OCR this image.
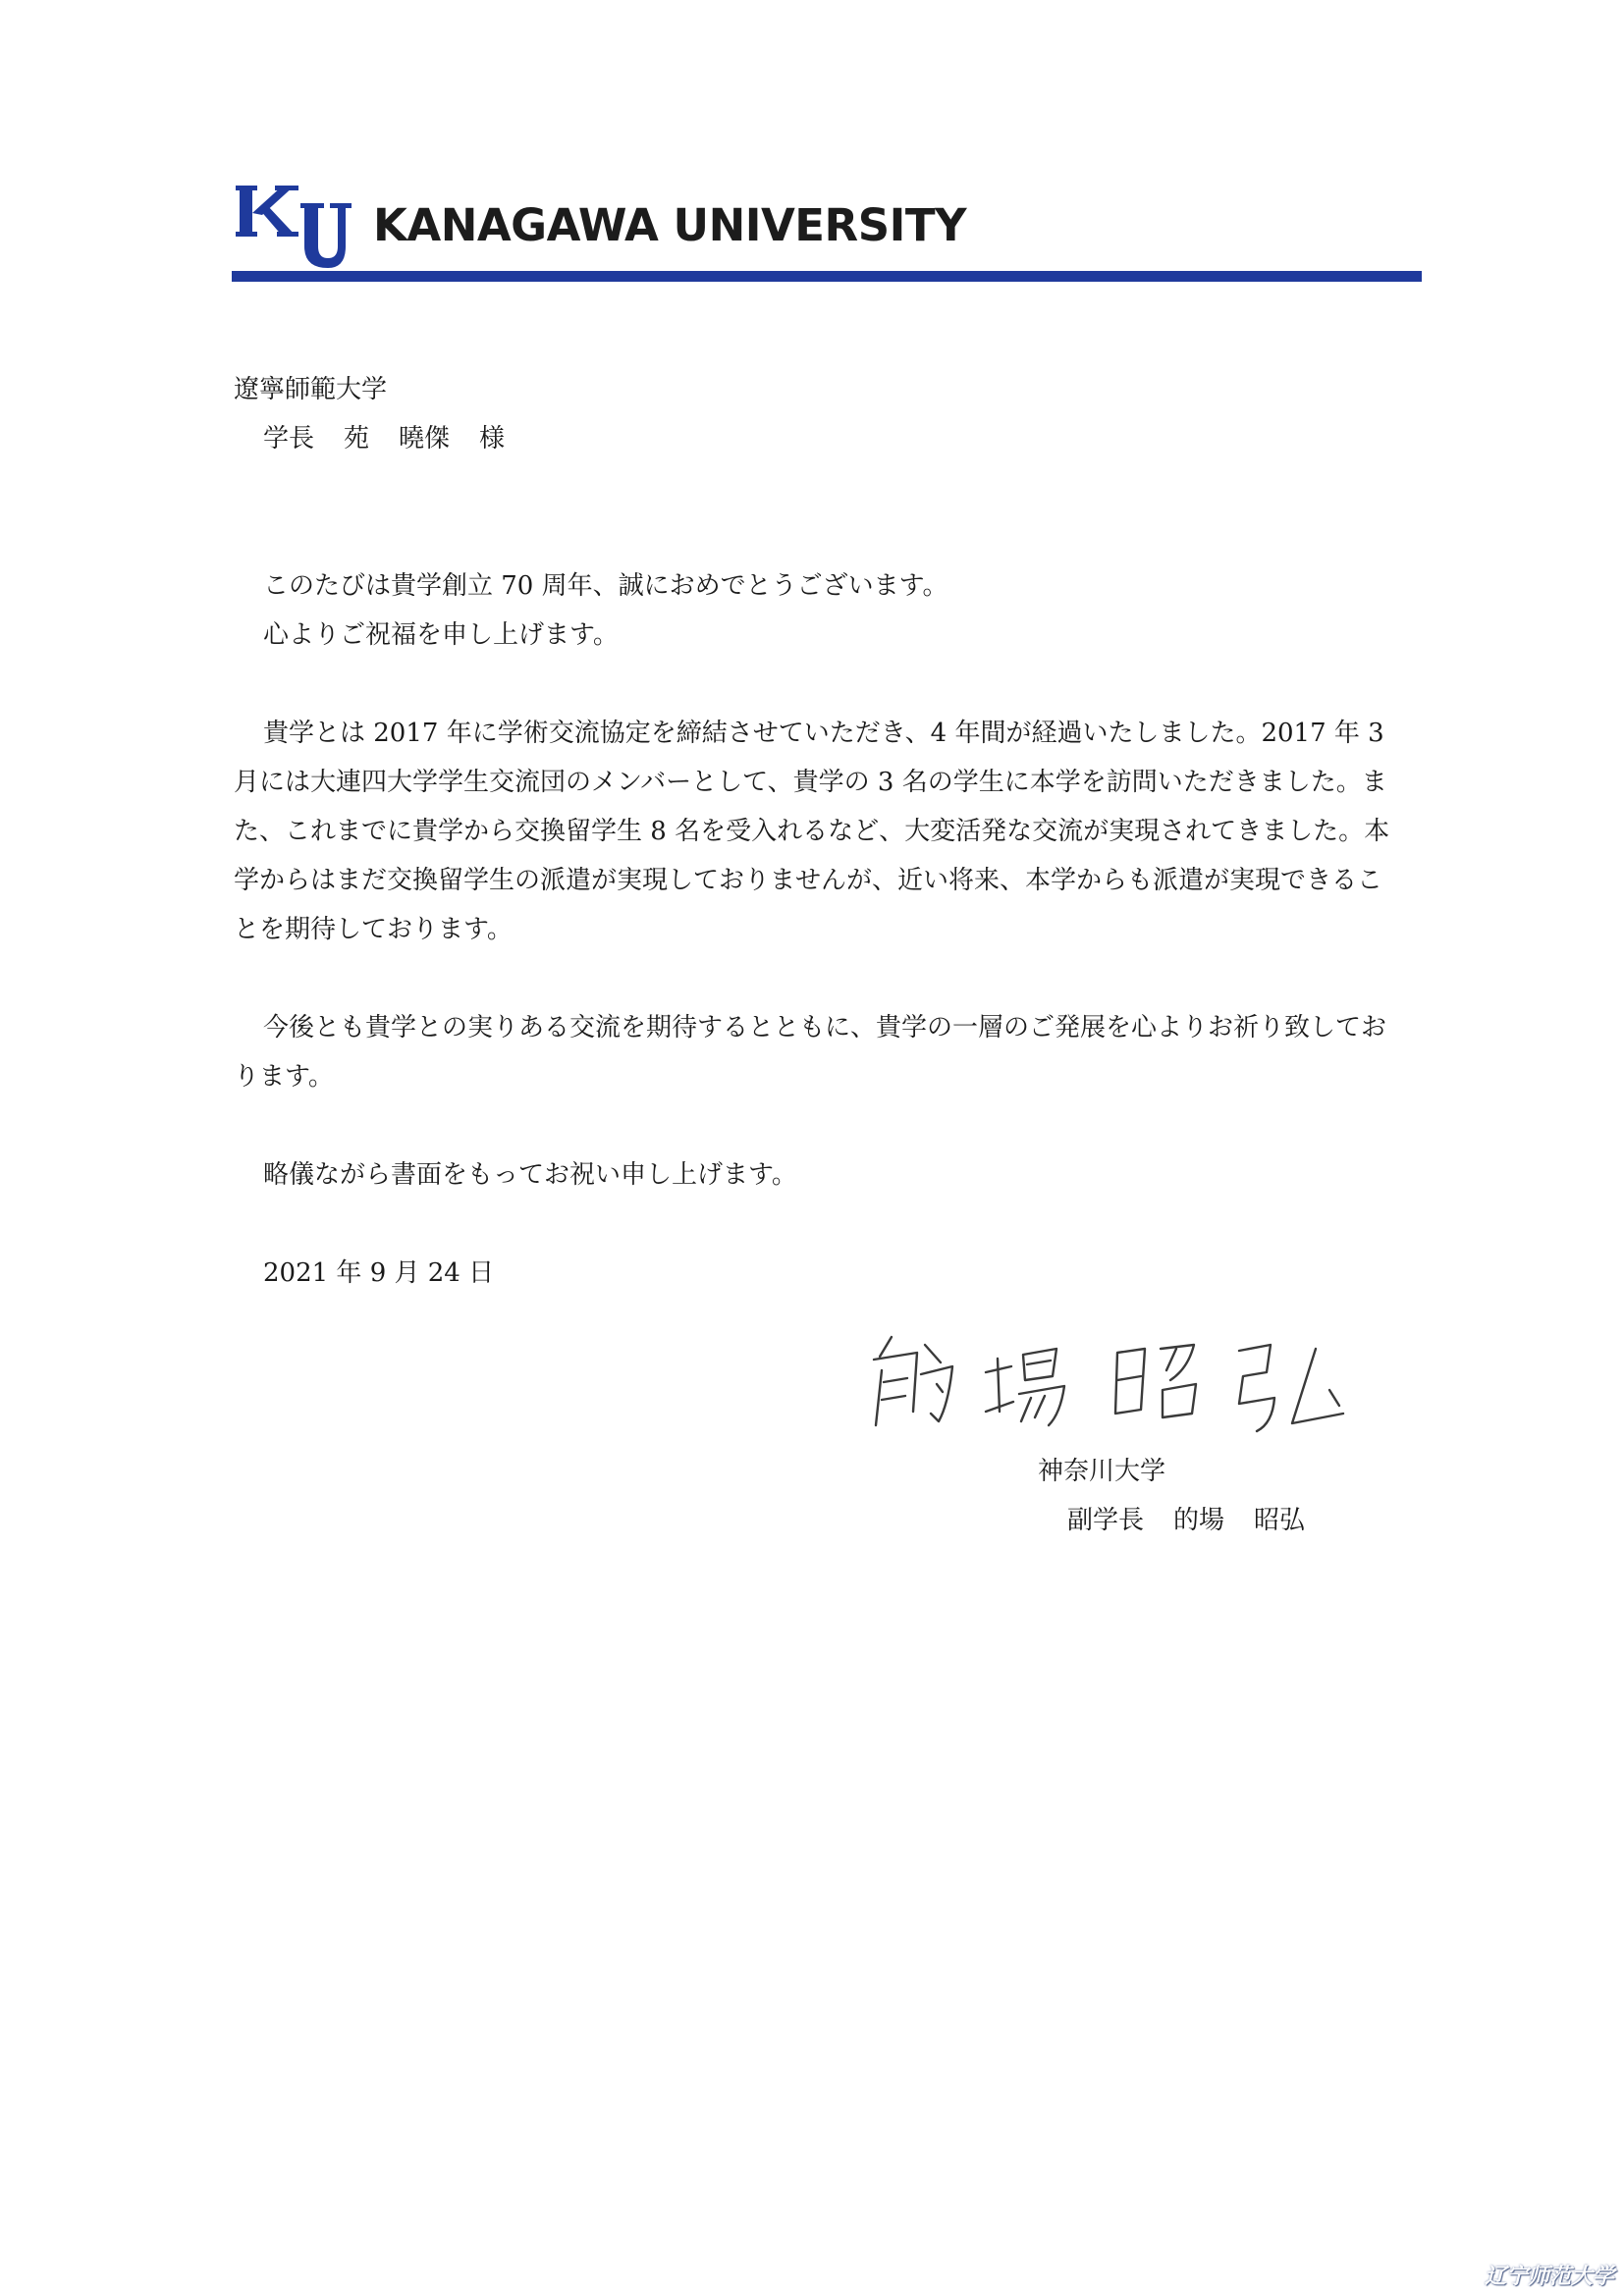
KANAGAWA UNIVERSITY
遼寧師範大学
学長 苑 曉傑 様

このたびは貴学創立 70 周年、誠におめでとうございます。

心よりご祝福を申し上げます。

貴学とは 2017 年に学術交流協定を締結させていただき、4 年間が経過いたしました。2017 年 3 月には大連四大学学生交流団のメンバーとして、貴学の 3 名の学生に本学を訪問いただきました。また、これまでに貴学から交換留学生 8 名を受入れるなど、大変活発な交流が実現されてきました。本学からはまだ交換留学生の派遣が実現しておりませんが、近い将来、本学からも派遣が実現できることを期待しております。

今後とも貴学との実りある交流を期待するとともに、貴学の一層のご発展を心よりお祈り致しております。

略儀ながら書面をもってお祝い申し上げます。

2021 年 9 月 24 日

神奈川大学
副学長 的場 昭弘
辽宁师范大学
